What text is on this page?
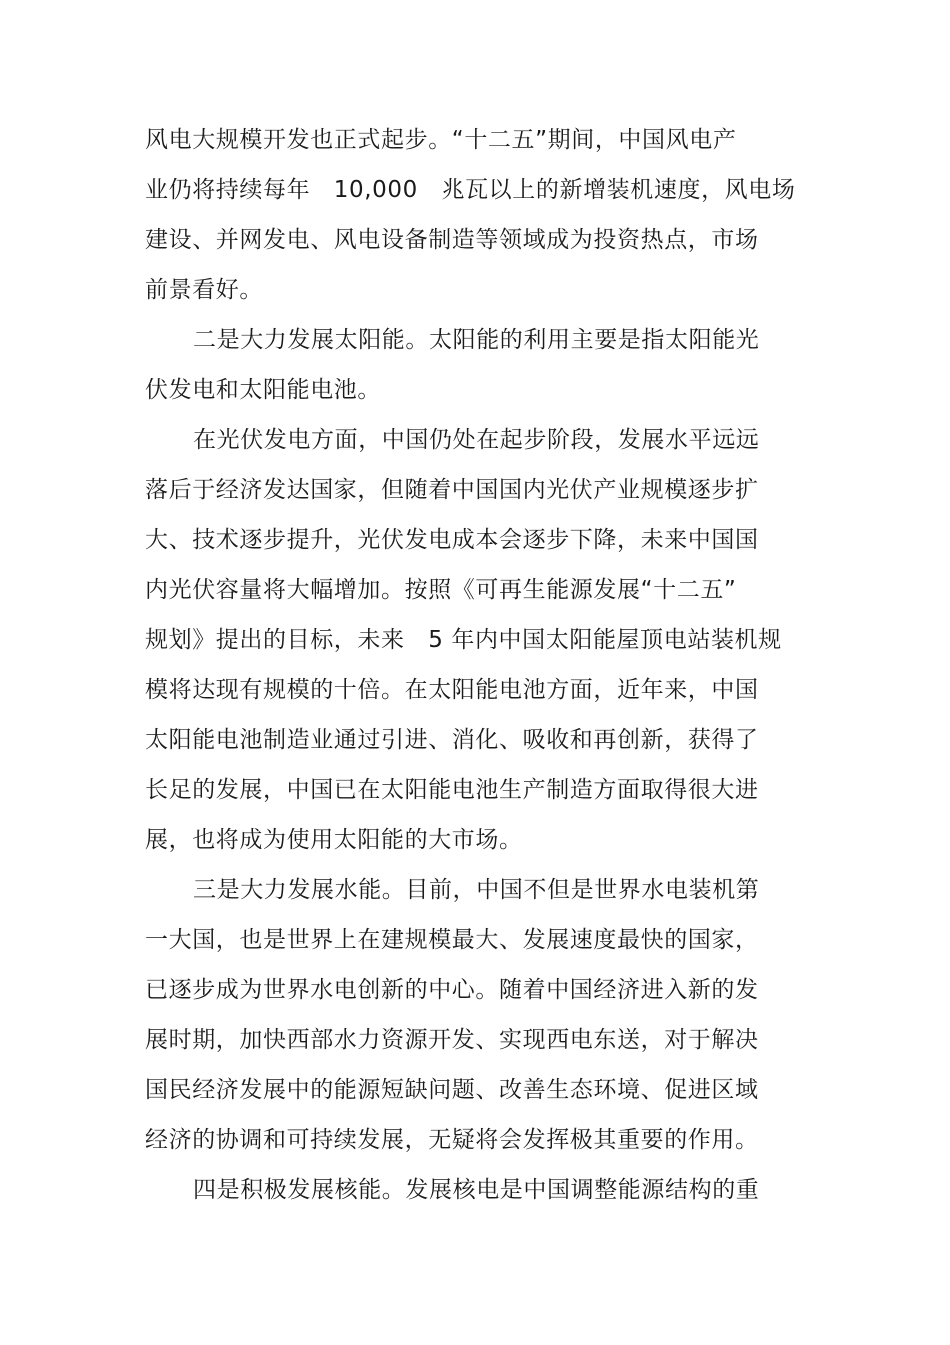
风电大规模开发也正式起步。“十二五”期间，中国风电产
业仍将持续每年　10,000　兆瓦以上的新增装机速度，风电场
建设、并网发电、风电设备制造等领域成为投资热点，市场
前景看好。
二是大力发展太阳能。太阳能的利用主要是指太阳能光
伏发电和太阳能电池。
在光伏发电方面，中国仍处在起步阶段，发展水平远远
落后于经济发达国家，但随着中国国内光伏产业规模逐步扩
大、技术逐步提升，光伏发电成本会逐步下降，未来中国国
内光伏容量将大幅增加。按照《可再生能源发展“十二五”
规划》提出的目标，未来　5 年内中国太阳能屋顶电站装机规
模将达现有规模的十倍。在太阳能电池方面，近年来，中国
太阳能电池制造业通过引进、消化、吸收和再创新，获得了
长足的发展，中国已在太阳能电池生产制造方面取得很大进
展，也将成为使用太阳能的大市场。
三是大力发展水能。目前，中国不但是世界水电装机第
一大国，也是世界上在建规模最大、发展速度最快的国家，
已逐步成为世界水电创新的中心。随着中国经济进入新的发
展时期，加快西部水力资源开发、实现西电东送，对于解决
国民经济发展中的能源短缺问题、改善生态环境、促进区域
经济的协调和可持续发展，无疑将会发挥极其重要的作用。
四是积极发展核能。发展核电是中国调整能源结构的重
